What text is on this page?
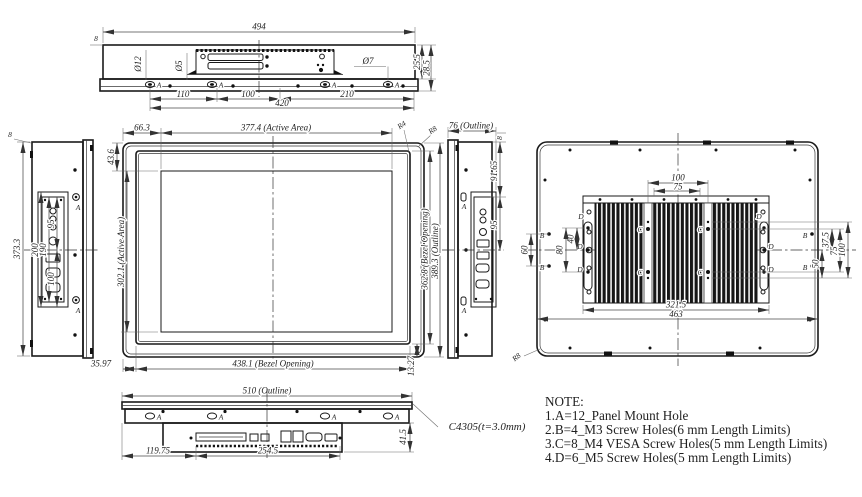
494
8
Ø12	Ø5	Ø7	25.5 28.5
110	100	210
420
A	A	A	A
A
A
8
373.3 200
190
95
100
66.3	377.4 (Active Area)	R4	R8
43.6
302.1 (Active Area)	362.8 (Bezel Opening) 389.3 (Outline)
35.97	438.1 (Bezel Opening)	13.27
A
A
76 (Outline)
8
91.65
95
B
B
B
B
C	C
C	C
D
D
D
D
D
D
100
75
40
80
60
50
37.5
75
100
321.5
463
R8
510 (Outline)
A	A	A	A
C4305(t=3.0mm)
41.5
119.75	254.5
NOTE:
1.A=12_Panel Mount Hole
2.B=4_M3 Screw Holes(6 mm Length Limits)
3.C=8_M4 VESA Screw Holes(5 mm Length Limits)
4.D=6_M5 Screw Holes(5 mm Length Limits)
